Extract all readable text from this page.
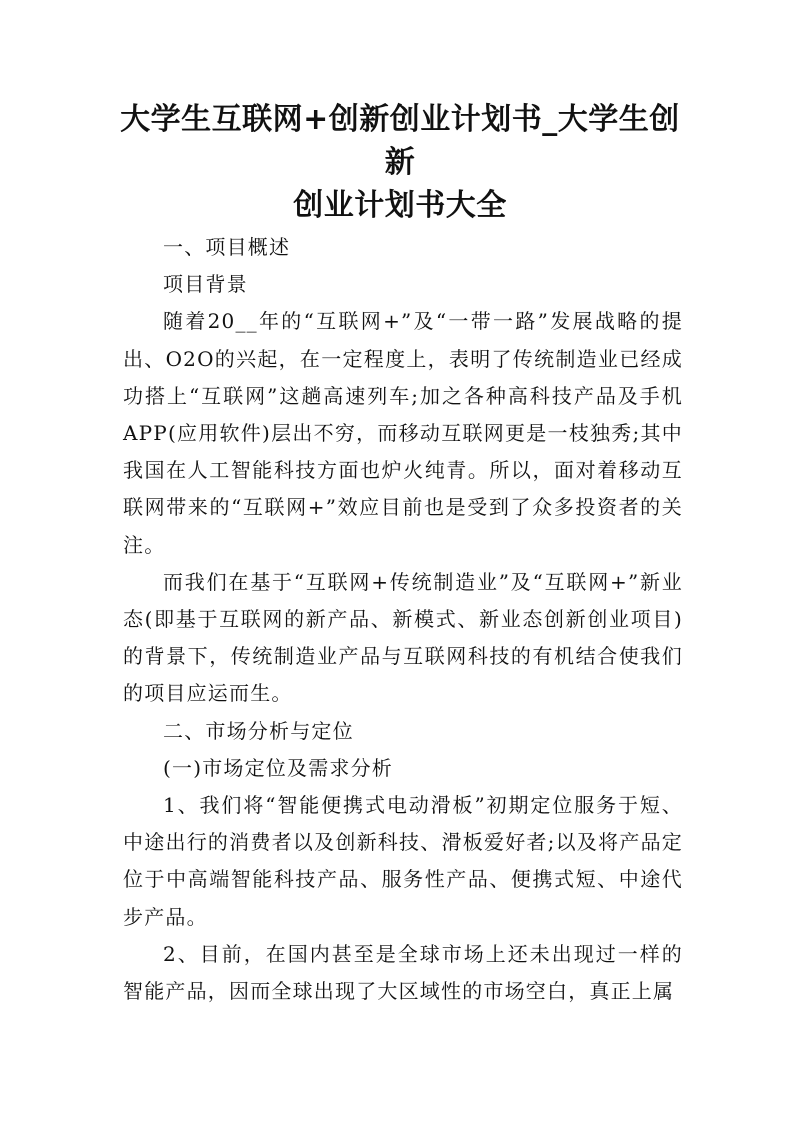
大学生互联网+创新创业计划书_大学生创新
创业计划书大全

一、项目概述

项目背景

随着20__年的“互联网+”及“一带一路”发展战略的提出、O2O的兴起，在一定程度上，表明了传统制造业已经成功搭上“互联网”这趟高速列车;加之各种高科技产品及手机APP(应用软件)层出不穷，而移动互联网更是一枝独秀;其中我国在人工智能科技方面也炉火纯青。所以，面对着移动互联网带来的“互联网+”效应目前也是受到了众多投资者的关注。

而我们在基于“互联网+传统制造业”及“互联网+”新业态(即基于互联网的新产品、新模式、新业态创新创业项目)的背景下，传统制造业产品与互联网科技的有机结合使我们的项目应运而生。

二、市场分析与定位

(一)市场定位及需求分析

1、我们将“智能便携式电动滑板”初期定位服务于短、中途出行的消费者以及创新科技、滑板爱好者;以及将产品定位于中高端智能科技产品、服务性产品、便携式短、中途代步产品。

2、目前，在国内甚至是全球市场上还未出现过一样的智能产品，因而全球出现了大区域性的市场空白，真正上属
